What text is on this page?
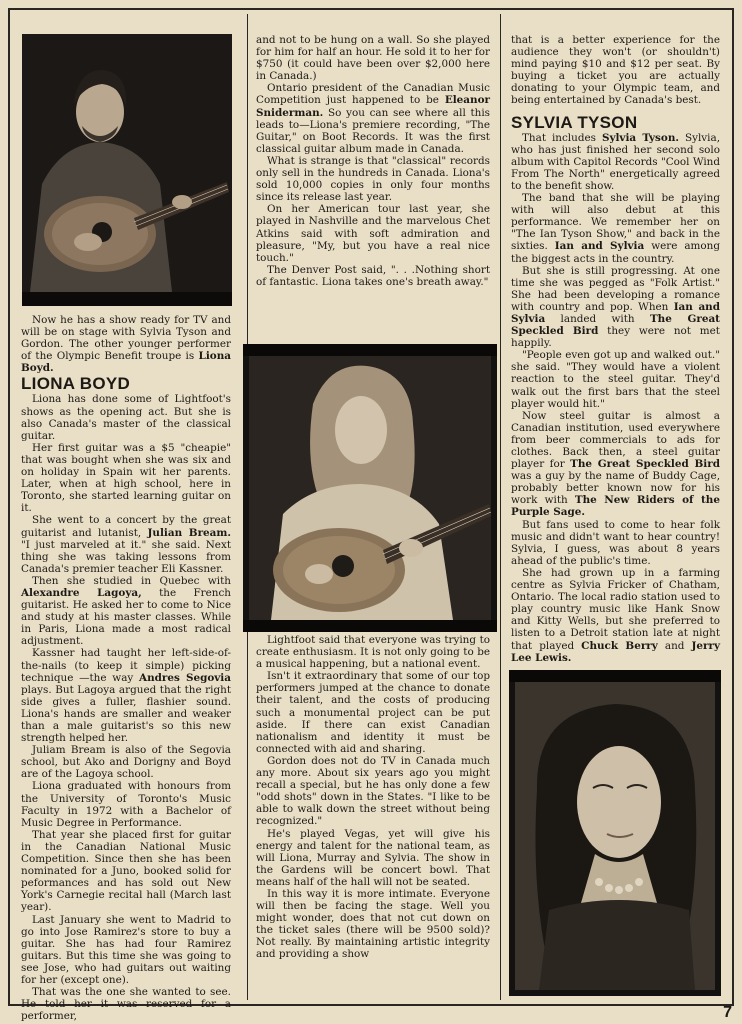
Now he has a show ready for TV and will be on stage with Sylvia Tyson and Gordon. The other younger performer of the Olympic Benefit troupe is Liona Boyd.

LIONA BOYD

Liona has done some of Lightfoot's shows as the opening act. But she is also Canada's master of the classical guitar.

Her first guitar was a $5 "cheapie" that was bought when she was six and on holiday in Spain wit her parents. Later, when at high school, here in Toronto, she started learning guitar on it.

She went to a concert by the great guitarist and lutanist, Julian Bream. "I just marveled at it." she said. Next thing she was taking lessons from Canada's premier teacher Eli Kassner.

Then she studied in Quebec with Alexandre Lagoya, the French guitarist. He asked her to come to Nice and study at his master classes. While in Paris, Liona made a most radical adjustment.

Kassner had taught her left-side-of-the-nails (to keep it simple) picking technique —the way Andres Segovia plays. But Lagoya argued that the right side gives a fuller, flashier sound. Liona's hands are smaller and weaker than a male guitarist's so this new strength helped her.

Juliam Bream is also of the Segovia school, but Ako and Dorigny and Boyd are of the Lagoya school.

Liona graduated with honours from the University of Toronto's Music Faculty in 1972 with a Bachelor of Music Degree in Performance.

That year she placed first for guitar in the Canadian National Music Competition. Since then she has been nominated for a Juno, booked solid for peformances and has sold out New York's Carnegie recital hall (March last year).

Last January she went to Madrid to go into Jose Ramirez's store to buy a guitar. She has had four Ramirez guitars. But this time she was going to see Jose, who had guitars out waiting for her (except one).

That was the one she wanted to see. He told her it was reserved for a performer,

and not to be hung on a wall. So she played for him for half an hour. He sold it to her for $750 (it could have been over $2,000 here in Canada.)

Ontario president of the Canadian Music Competition just happened to be Eleanor Sniderman. So you can see where all this leads to—Liona's premiere recording, "The Guitar," on Boot Records. It was the first classical guitar album made in Canada.

What is strange is that "classical" records only sell in the hundreds in Canada. Liona's sold 10,000 copies in only four months since its release last year.

On her American tour last year, she played in Nashville and the marvelous Chet Atkins said with soft admiration and pleasure, "My, but you have a real nice touch."

The Denver Post said, ". . .Nothing short of fantastic. Liona takes one's breath away."

Lightfoot said that everyone was trying to create enthusiasm. It is not only going to be a musical happening, but a national event.

Isn't it extraordinary that some of our top performers jumped at the chance to donate their talent, and the costs of producing such a monumental project can be put aside. If there can exist Canadian nationalism and identity it must be connected with aid and sharing.

Gordon does not do TV in Canada much any more. About six years ago you might recall a special, but he has only done a few "odd shots" down in the States. "I like to be able to walk down the street without being recognized."

He's played Vegas, yet will give his energy and talent for the national team, as will Liona, Murray and Sylvia. The show in the Gardens will be concert bowl. That means half of the hall will not be seated.

In this way it is more intimate. Everyone will then be facing the stage. Well you might wonder, does that not cut down on the ticket sales (there will be 9500 sold)? Not really. By maintaining artistic integrity and providing a show

that is a better experience for the audience they won't (or shouldn't) mind paying $10 and $12 per seat. By buying a ticket you are actually donating to your Olympic team, and being entertained by Canada's best.

SYLVIA TYSON

That includes Sylvia Tyson. Sylvia, who has just finished her second solo album with Capitol Records "Cool Wind From The North" energetically agreed to the benefit show.

The band that she will be playing with will also debut at this performance. We remember her on "The Ian Tyson Show," and back in the sixties. Ian and Sylvia were among the biggest acts in the country.

But she is still progressing. At one time she was pegged as "Folk Artist." She had been developing a romance with country and pop. When Ian and Sylvia landed with The Great Speckled Bird they were not met happily.

"People even got up and walked out." she said. "They would have a violent reaction to the steel guitar. They'd walk out the first bars that the steel player would hit."

Now steel guitar is almost a Canadian institution, used everywhere from beer commercials to ads for clothes. Back then, a steel guitar player for The Great Speckled Bird was a guy by the name of Buddy Cage, probably better known now for his work with The New Riders of the Purple Sage.

But fans used to come to hear folk music and didn't want to hear country! Sylvia, I guess, was about 8 years ahead of the public's time.

She had grown up in a farming centre as Sylvia Fricker of Chatham, Ontario. The local radio station used to play country music like Hank Snow and Kitty Wells, but she preferred to listen to a Detroit station late at night that played Chuck Berry and Jerry Lee Lewis.

7
